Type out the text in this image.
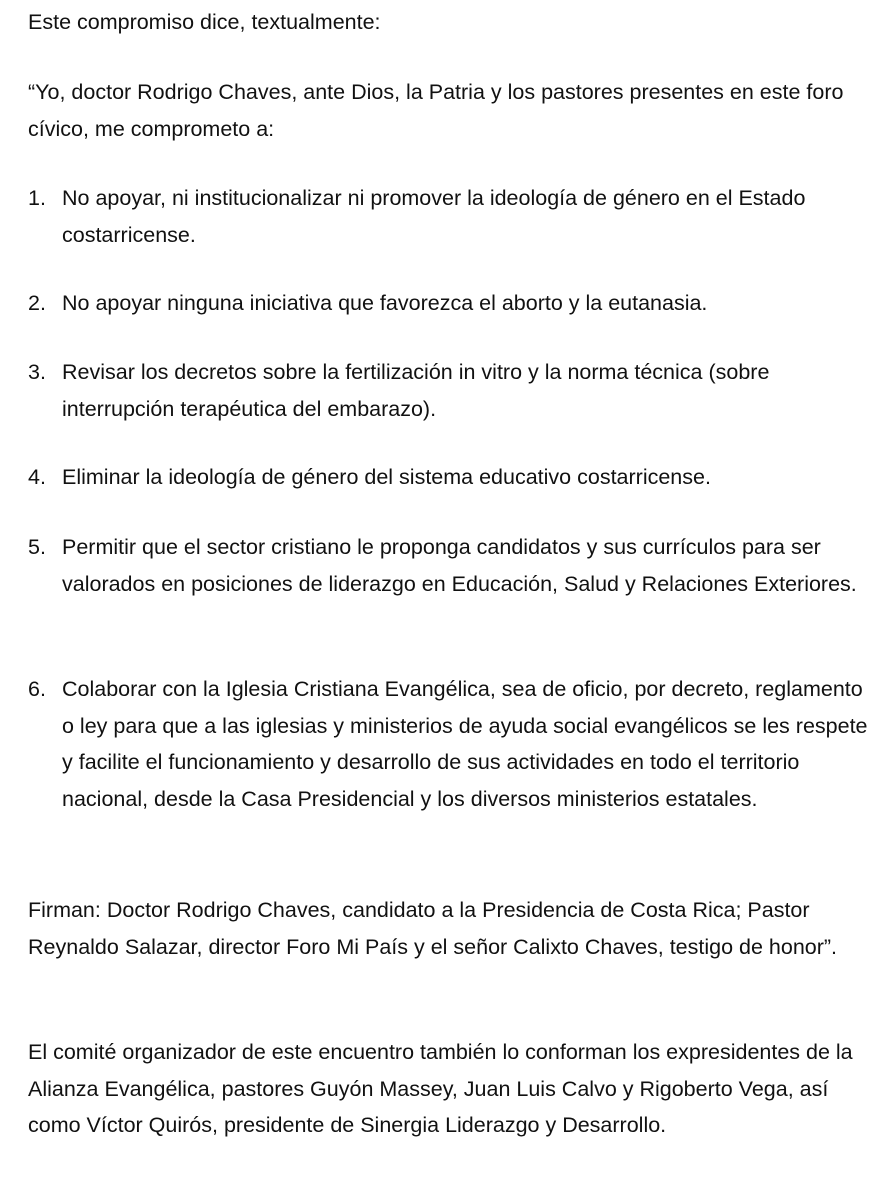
Este compromiso dice, textualmente:

“Yo, doctor Rodrigo Chaves, ante Dios, la Patria y los pastores presentes en este foro cívico, me comprometo a:

1. No apoyar, ni institucionalizar ni promover la ideología de género en el Estado costarricense.
2. No apoyar ninguna iniciativa que favorezca el aborto y la eutanasia.
3. Revisar los decretos sobre la fertilización in vitro y la norma técnica (sobre interrupción terapéutica del embarazo).
4. Eliminar la ideología de género del sistema educativo costarricense.
5. Permitir que el sector cristiano le proponga candidatos y sus currículos para ser valorados en posiciones de liderazgo en Educación, Salud y Relaciones Exteriores.
6. Colaborar con la Iglesia Cristiana Evangélica, sea de oficio, por decreto, reglamento o ley para que a las iglesias y ministerios de ayuda social evangélicos se les respete y facilite el funcionamiento y desarrollo de sus actividades en todo el territorio nacional, desde la Casa Presidencial y los diversos ministerios estatales.

Firman: Doctor Rodrigo Chaves, candidato a la Presidencia de Costa Rica; Pastor Reynaldo Salazar, director Foro Mi País y el señor Calixto Chaves, testigo de honor”.

El comité organizador de este encuentro también lo conforman los expresidentes de la Alianza Evangélica, pastores Guyón Massey, Juan Luis Calvo y Rigoberto Vega, así como Víctor Quirós, presidente de Sinergia Liderazgo y Desarrollo.
